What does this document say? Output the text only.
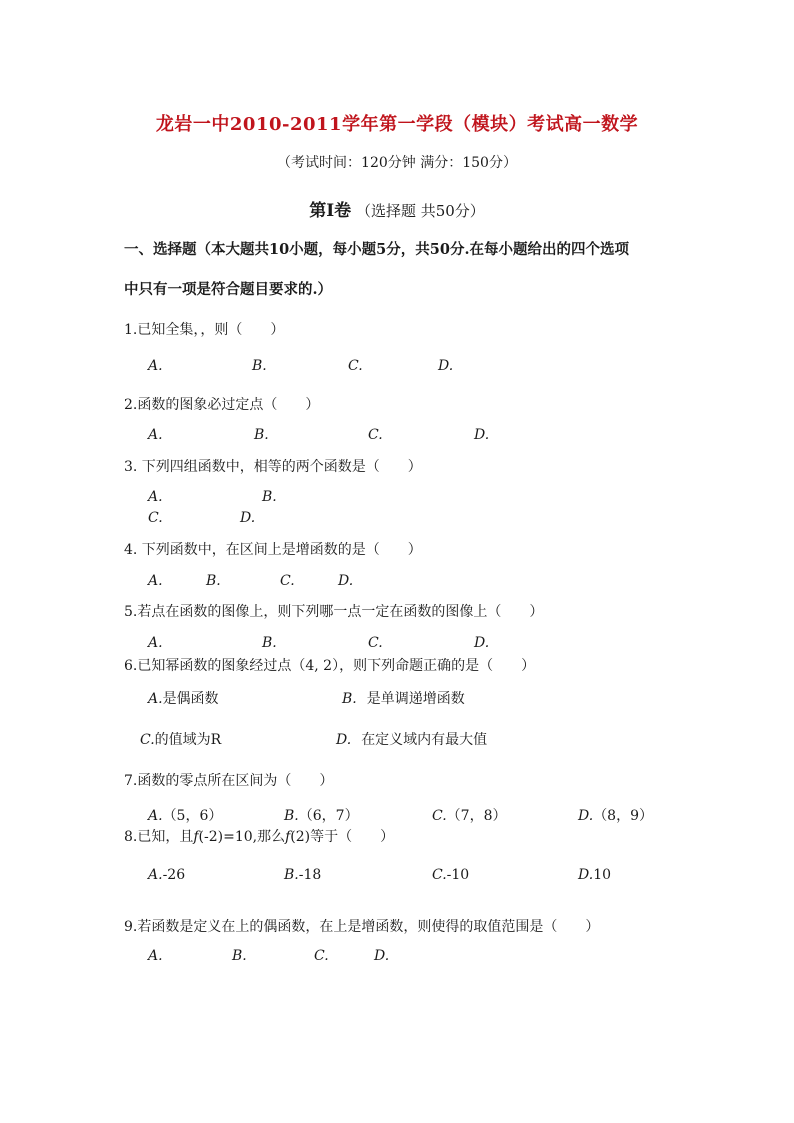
龙岩一中2010-2011学年第一学段（模块）考试高一数学
（考试时间：120分钟 满分：150分）
第Ⅰ卷 （选择题 共50分）
一、选择题（本大题共10小题，每小题5分，共50分.在每小题给出的四个选项
中只有一项是符合题目要求的.）
1.已知全集，，则（　　）
A.	B.	C.	D.
2.函数的图象必过定点（　　）
A.	B.	C.	D.
3. 下列四组函数中，相等的两个函数是（　　）
A.	B.
C.	D.
4. 下列函数中，在区间上是增函数的是（　　）
A.	B.	C.	D.
5.若点在函数的图像上，则下列哪一点一定在函数的图像上（　　）
A.	B.	C.	D.
6.已知幂函数的图象经过点（4, 2），则下列命题正确的是（　　）
A.是偶函数	B. 是单调递增函数
C.的值域为R	D. 在定义域内有最大值
7.函数的零点所在区间为（　　）
A.（5，6）	B.（6，7）	C.（7，8）	D.（8，9）
8.已知，且f(-2)=10,那么f(2)等于（　　）
A.-26	B.-18	C.-10	D.10
9.若函数是定义在上的偶函数，在上是增函数，则使得的取值范围是（　　）
A.	B.	C.	D.
